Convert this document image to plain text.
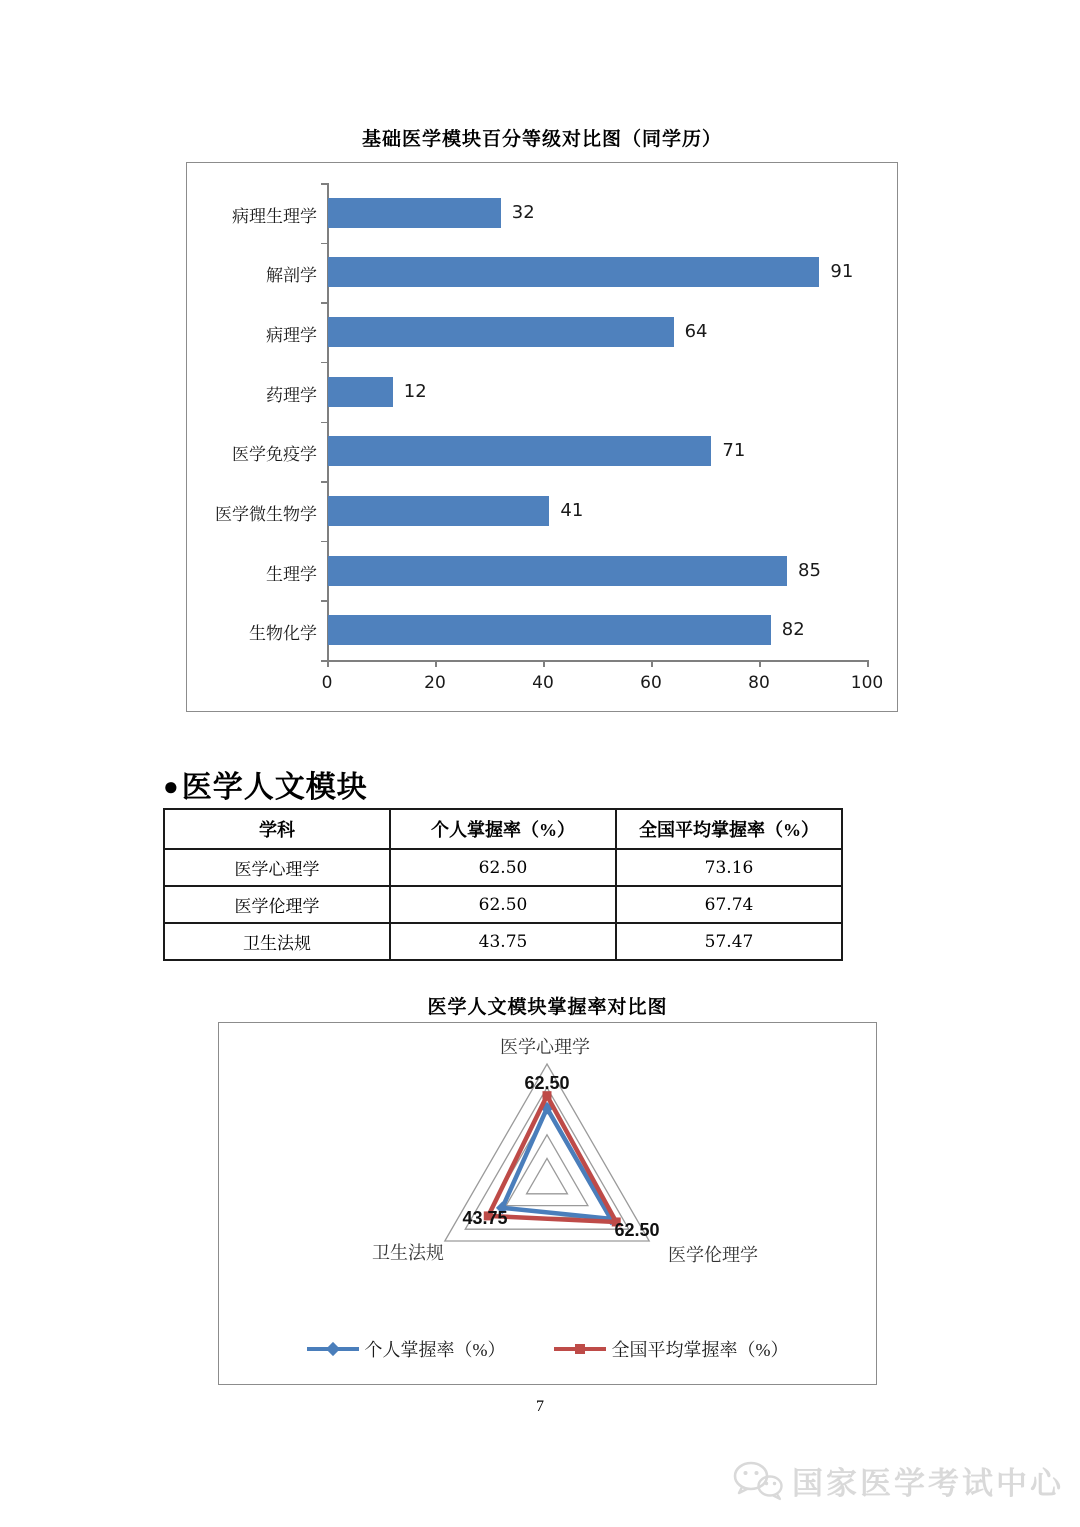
基础医学模块百分等级对比图（同学历）
0	20	40	60	80	100
病理生理学	32
解剖学	91
病理学	64
药理学	12
医学免疫学	71
医学微生物学	41
生理学	85
生物化学	82
●医学人文模块
学科	个人掌握率（%）	全国平均掌握率（%）
医学心理学	62.50	73.16
医学伦理学	62.50	67.74
卫生法规	43.75	57.47
医学人文模块掌握率对比图
医学心理学
医学伦理学
卫生法规
62.50
62.50
43.75
个人掌握率（%）	全国平均掌握率（%）
7
国家医学考试中心
